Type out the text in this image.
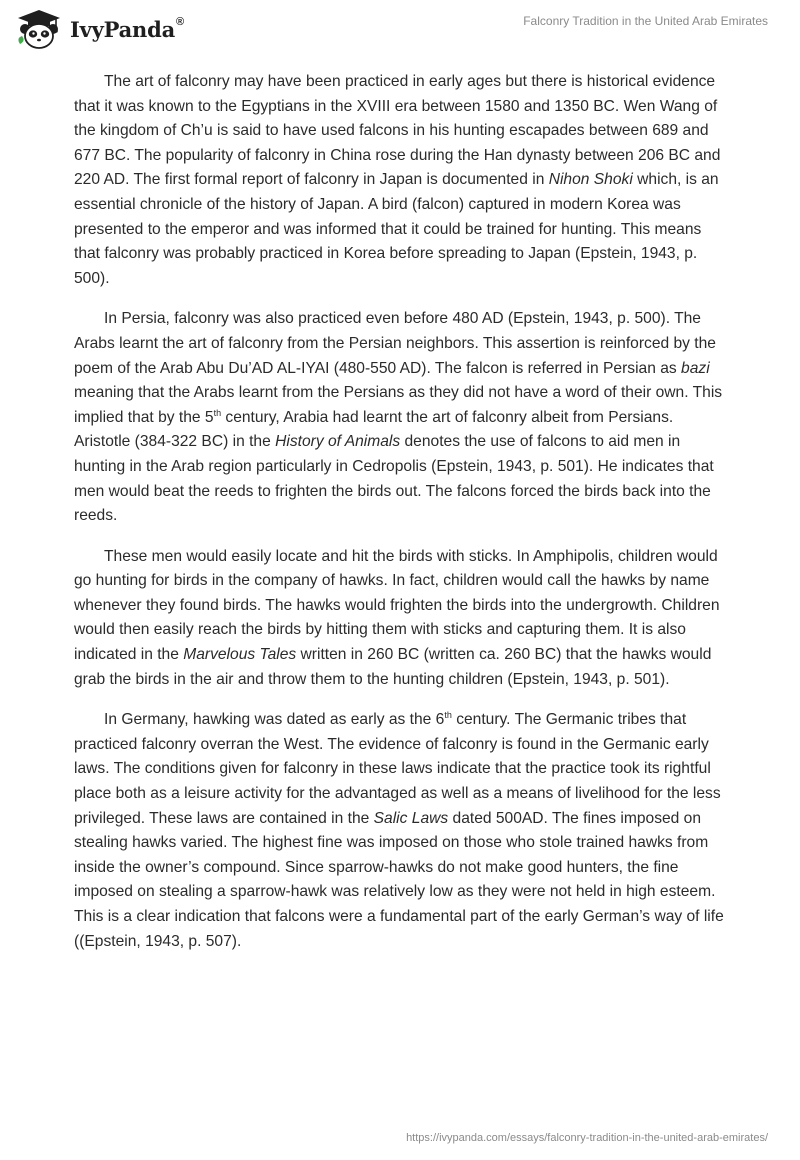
IvyPanda®	Falconry Tradition in the United Arab Emirates

The art of falconry may have been practiced in early ages but there is historical evidence that it was known to the Egyptians in the XVIII era between 1580 and 1350 BC. Wen Wang of the kingdom of Ch’u is said to have used falcons in his hunting escapades between 689 and 677 BC. The popularity of falconry in China rose during the Han dynasty between 206 BC and 220 AD. The first formal report of falconry in Japan is documented in Nihon Shoki which, is an essential chronicle of the history of Japan. A bird (falcon) captured in modern Korea was presented to the emperor and was informed that it could be trained for hunting. This means that falconry was probably practiced in Korea before spreading to Japan (Epstein, 1943, p. 500).

In Persia, falconry was also practiced even before 480 AD (Epstein, 1943, p. 500). The Arabs learnt the art of falconry from the Persian neighbors. This assertion is reinforced by the poem of the Arab Abu Du’AD AL-IYAI (480-550 AD). The falcon is referred in Persian as bazi meaning that the Arabs learnt from the Persians as they did not have a word of their own. This implied that by the 5th century, Arabia had learnt the art of falconry albeit from Persians. Aristotle (384-322 BC) in the History of Animals denotes the use of falcons to aid men in hunting in the Arab region particularly in Cedropolis (Epstein, 1943, p. 501). He indicates that men would beat the reeds to frighten the birds out. The falcons forced the birds back into the reeds.

These men would easily locate and hit the birds with sticks. In Amphipolis, children would go hunting for birds in the company of hawks. In fact, children would call the hawks by name whenever they found birds. The hawks would frighten the birds into the undergrowth. Children would then easily reach the birds by hitting them with sticks and capturing them. It is also indicated in the Marvelous Tales written in 260 BC (written ca. 260 BC) that the hawks would grab the birds in the air and throw them to the hunting children (Epstein, 1943, p. 501).

In Germany, hawking was dated as early as the 6th century. The Germanic tribes that practiced falconry overran the West. The evidence of falconry is found in the Germanic early laws. The conditions given for falconry in these laws indicate that the practice took its rightful place both as a leisure activity for the advantaged as well as a means of livelihood for the less privileged. These laws are contained in the Salic Laws dated 500AD. The fines imposed on stealing hawks varied. The highest fine was imposed on those who stole trained hawks from inside the owner’s compound. Since sparrow-hawks do not make good hunters, the fine imposed on stealing a sparrow-hawk was relatively low as they were not held in high esteem. This is a clear indication that falcons were a fundamental part of the early German’s way of life ((Epstein, 1943, p. 507).

https://ivypanda.com/essays/falconry-tradition-in-the-united-arab-emirates/
